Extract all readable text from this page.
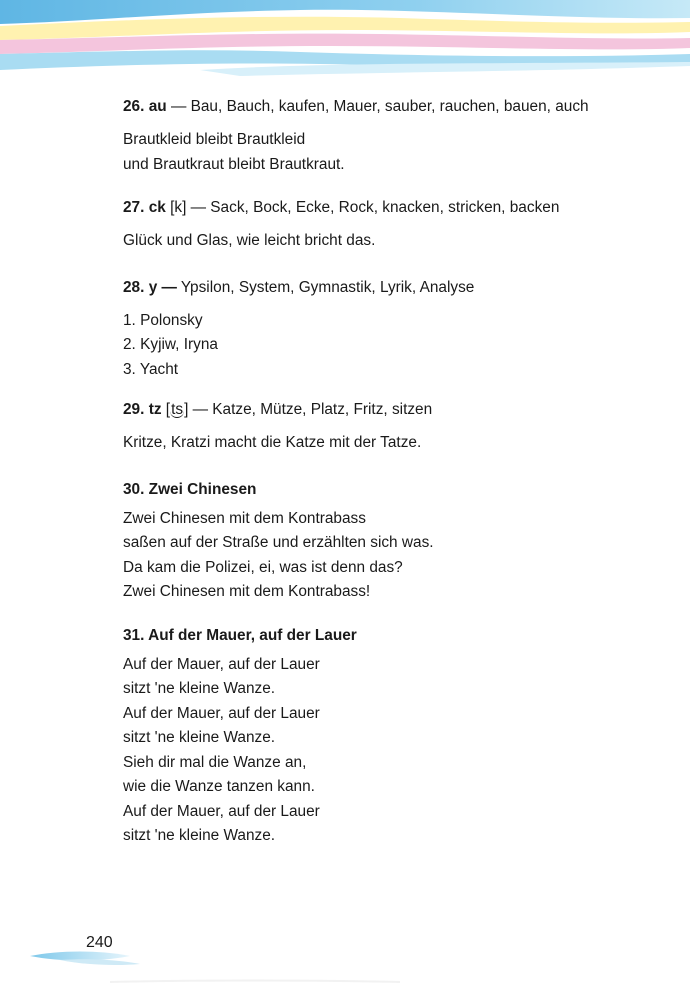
26. au — Bau, Bauch, kaufen, Mauer, sauber, rauchen, bauen, auch

Brautkleid bleibt Brautkleid
und Brautkraut bleibt Brautkraut.

27. ck [k] — Sack, Bock, Ecke, Rock, knacken, stricken, backen

Glück und Glas, wie leicht bricht das.

28. y — Ypsilon, System, Gymnastik, Lyrik, Analyse

1. Polonsky
2. Kyjiw, Iryna
3. Yacht

29. tz [ts] — Katze, Mütze, Platz, Fritz, sitzen

Kritze, Kratzi macht die Katze mit der Tatze.

30. Zwei Chinesen

Zwei Chinesen mit dem Kontrabass
saßen auf der Straße und erzählten sich was.
Da kam die Polizei, ei, was ist denn das?
Zwei Chinesen mit dem Kontrabass!

31. Auf der Mauer, auf der Lauer

Auf der Mauer, auf der Lauer
sitzt 'ne kleine Wanze.
Auf der Mauer, auf der Lauer
sitzt 'ne kleine Wanze.
Sieh dir mal die Wanze an,
wie die Wanze tanzen kann.
Auf der Mauer, auf der Lauer
sitzt 'ne kleine Wanze.
240
